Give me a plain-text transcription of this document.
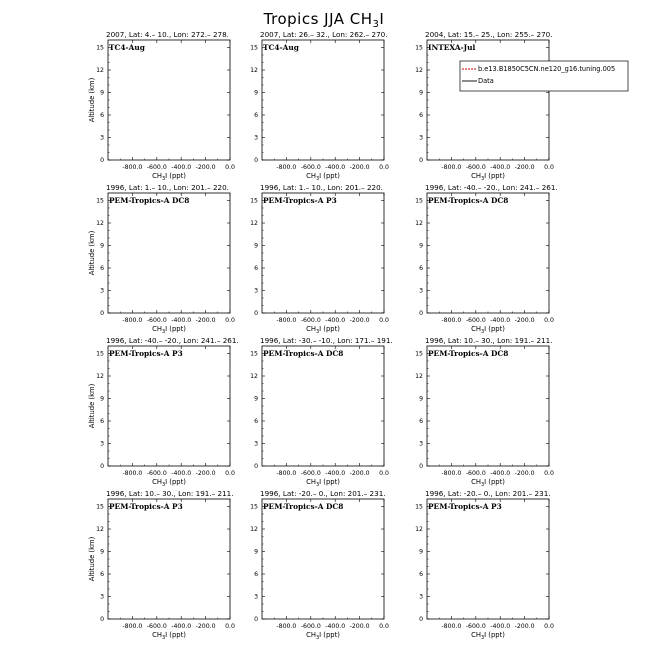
Tropics JJA $CH_3I$
2007, Lat: 4.– 10., Lon: 272.– 278.
TC4-Aug
0
3
6
9
12
15
-800.0 -600.0 -400.0 -200.0 0.0
$CH_3I$ (ppt)
Altitude (km)
2007, Lat: 26.– 32., Lon: 262.– 270.
TC4-Aug
0
3
6
9
12
15
-800.0 -600.0 -400.0 -200.0 0.0
$CH_3I$ (ppt)
2004, Lat: 15.– 25., Lon: 255.– 270.
INTEXA-Jul
0
3
6
9
12
15
-800.0 -600.0 -400.0 -200.0 0.0
$CH_3I$ (ppt)
b.e13.B1850C5CN.ne120_g16.tuning.005
Data
1996, Lat: 1.– 10., Lon: 201.– 220.
PEM-Tropics-A DC8
0
3
6
9
12
15
-800.0 -600.0 -400.0 -200.0 0.0
$CH_3I$ (ppt)
Altitude (km)
1996, Lat: 1.– 10., Lon: 201.– 220.
PEM-Tropics-A P3
0
3
6
9
12
15
-800.0 -600.0 -400.0 -200.0 0.0
$CH_3I$ (ppt)
1996, Lat: -40.– -20., Lon: 241.– 261.
PEM-Tropics-A DC8
0
3
6
9
12
15
-800.0 -600.0 -400.0 -200.0 0.0
$CH_3I$ (ppt)
1996, Lat: -40.– -20., Lon: 241.– 261.
PEM-Tropics-A P3
0
3
6
9
12
15
-800.0 -600.0 -400.0 -200.0 0.0
$CH_3I$ (ppt)
Altitude (km)
1996, Lat: -30.– -10., Lon: 171.– 191.
PEM-Tropics-A DC8
0
3
6
9
12
15
-800.0 -600.0 -400.0 -200.0 0.0
$CH_3I$ (ppt)
1996, Lat: 10.– 30., Lon: 191.– 211.
PEM-Tropics-A DC8
0
3
6
9
12
15
-800.0 -600.0 -400.0 -200.0 0.0
$CH_3I$ (ppt)
1996, Lat: 10.– 30., Lon: 191.– 211.
PEM-Tropics-A P3
0
3
6
9
12
15
-800.0 -600.0 -400.0 -200.0 0.0
$CH_3I$ (ppt)
Altitude (km)
1996, Lat: -20.– 0., Lon: 201.– 231.
PEM-Tropics-A DC8
0
3
6
9
12
15
-800.0 -600.0 -400.0 -200.0 0.0
$CH_3I$ (ppt)
1996, Lat: -20.– 0., Lon: 201.– 231.
PEM-Tropics-A P3
0
3
6
9
12
15
-800.0 -600.0 -400.0 -200.0 0.0
$CH_3I$ (ppt)
